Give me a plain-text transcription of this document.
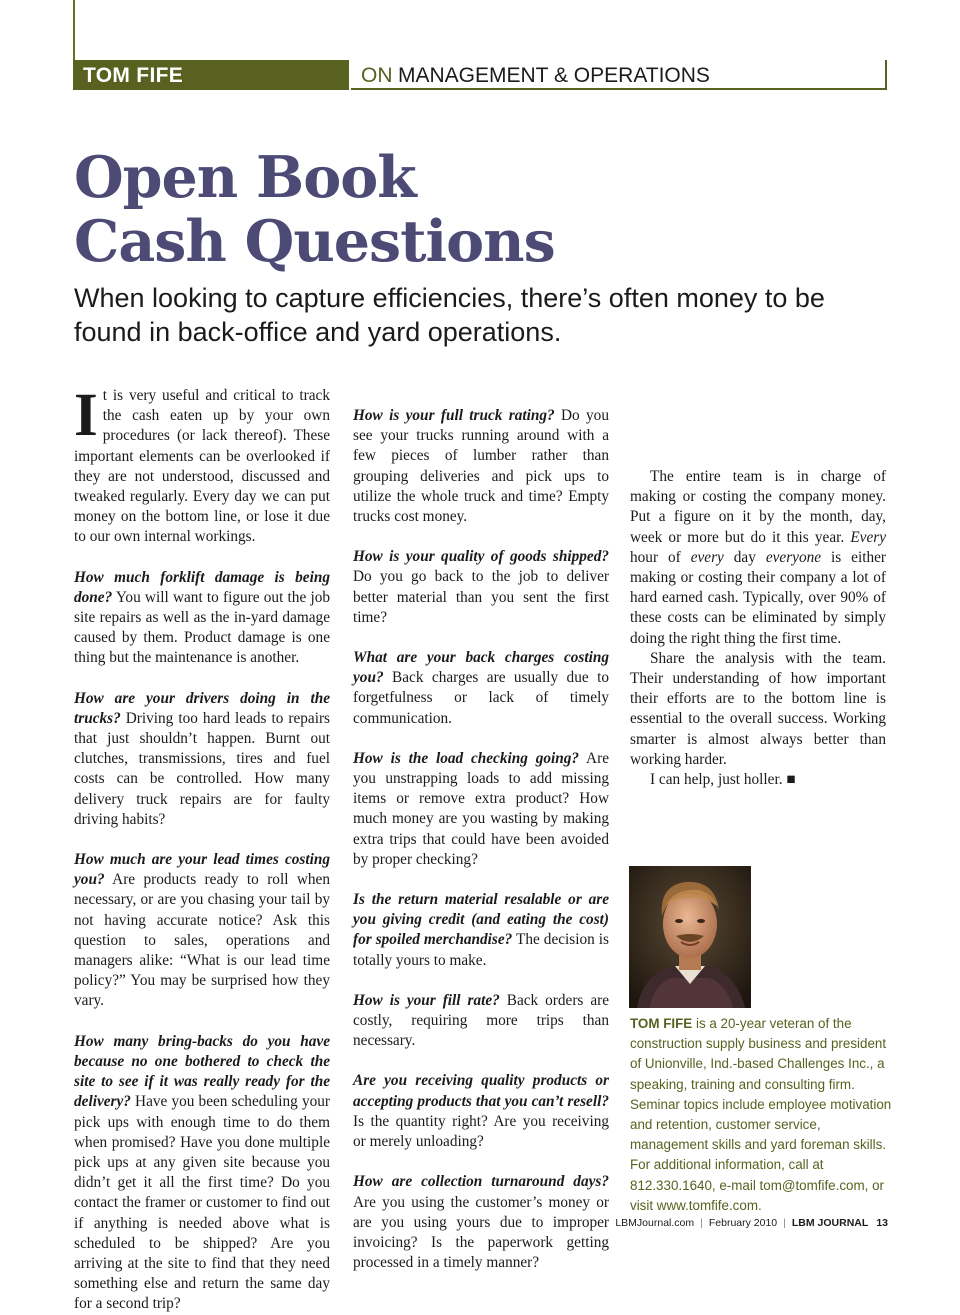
TOM FIFE	ON MANAGEMENT & OPERATIONS
Open Book
Cash Questions

When looking to capture efficiencies, there’s often money to be found in back-office and yard operations.

It is very useful and critical to track the cash eaten up by your own procedures (or lack thereof). These important elements can be overlooked if they are not understood, discussed and tweaked regularly. Every day we can put money on the bottom line, or lose it due to our own internal workings.

How much forklift damage is being done? You will want to figure out the job site repairs as well as the in-yard damage caused by them. Product damage is one thing but the maintenance is another.

How are your drivers doing in the trucks? Driving too hard leads to repairs that just shouldn’t happen. Burnt out clutches, transmissions, tires and fuel costs can be controlled. How many delivery truck repairs are for faulty driving habits?

How much are your lead times costing you? Are products ready to roll when necessary, or are you chasing your tail by not having accurate notice? Ask this question to sales, operations and managers alike: “What is our lead time policy?” You may be surprised how they vary.

How many bring-backs do you have because no one bothered to check the site to see if it was really ready for the delivery? Have you been scheduling your pick ups with enough time to do them when promised? Have you done multiple pick ups at any given site because you didn’t get it all the first time? Do you contact the framer or customer to find out if anything is needed above what is scheduled to be shipped? Are you arriving at the site to find that they need something else and return the same day for a second trip?

How is your full truck rating? Do you see your trucks running around with a few pieces of lumber rather than grouping deliveries and pick ups to utilize the whole truck and time? Empty trucks cost money.

How is your quality of goods shipped? Do you go back to the job to deliver better material than you sent the first time?

What are your back charges costing you? Back charges are usually due to forgetfulness or lack of timely communication.

How is the load checking going? Are you unstrapping loads to add missing items or remove extra product? How much money are you wasting by making extra trips that could have been avoided by proper checking?

Is the return material resalable or are you giving credit (and eating the cost) for spoiled merchandise? The decision is totally yours to make.

How is your fill rate? Back orders are costly, requiring more trips than necessary.

Are you receiving quality products or accepting products that you can’t resell? Is the quantity right? Are you receiving or merely unloading?

How are collection turnaround days? Are you using the customer’s money or are you using yours due to improper invoicing? Is the paperwork getting processed in a timely manner?

The entire team is in charge of making or costing the company money. Put a figure on it by the month, day, week or more but do it this year. Every hour of every day everyone is either making or costing their company a lot of hard earned cash. Typically, over 90% of these costs can be eliminated by simply doing the right thing the first time.

Share the analysis with the team. Their understanding of how important their efforts are to the bottom line is essential to the overall success. Working smarter is almost always better than working harder.

I can help, just holler. ■

TOM FIFE is a 20-year veteran of the construction supply business and president of Unionville, Ind.-based Challenges Inc., a speaking, training and consulting firm. Seminar topics include employee motivation and retention, customer service, management skills and yard foreman skills. For additional information, call at 812.330.1640, e-mail tom@tomfife.com, or visit www.tomfife.com.
LBMJournal.com | February 2010 | LBM JOURNAL 13
